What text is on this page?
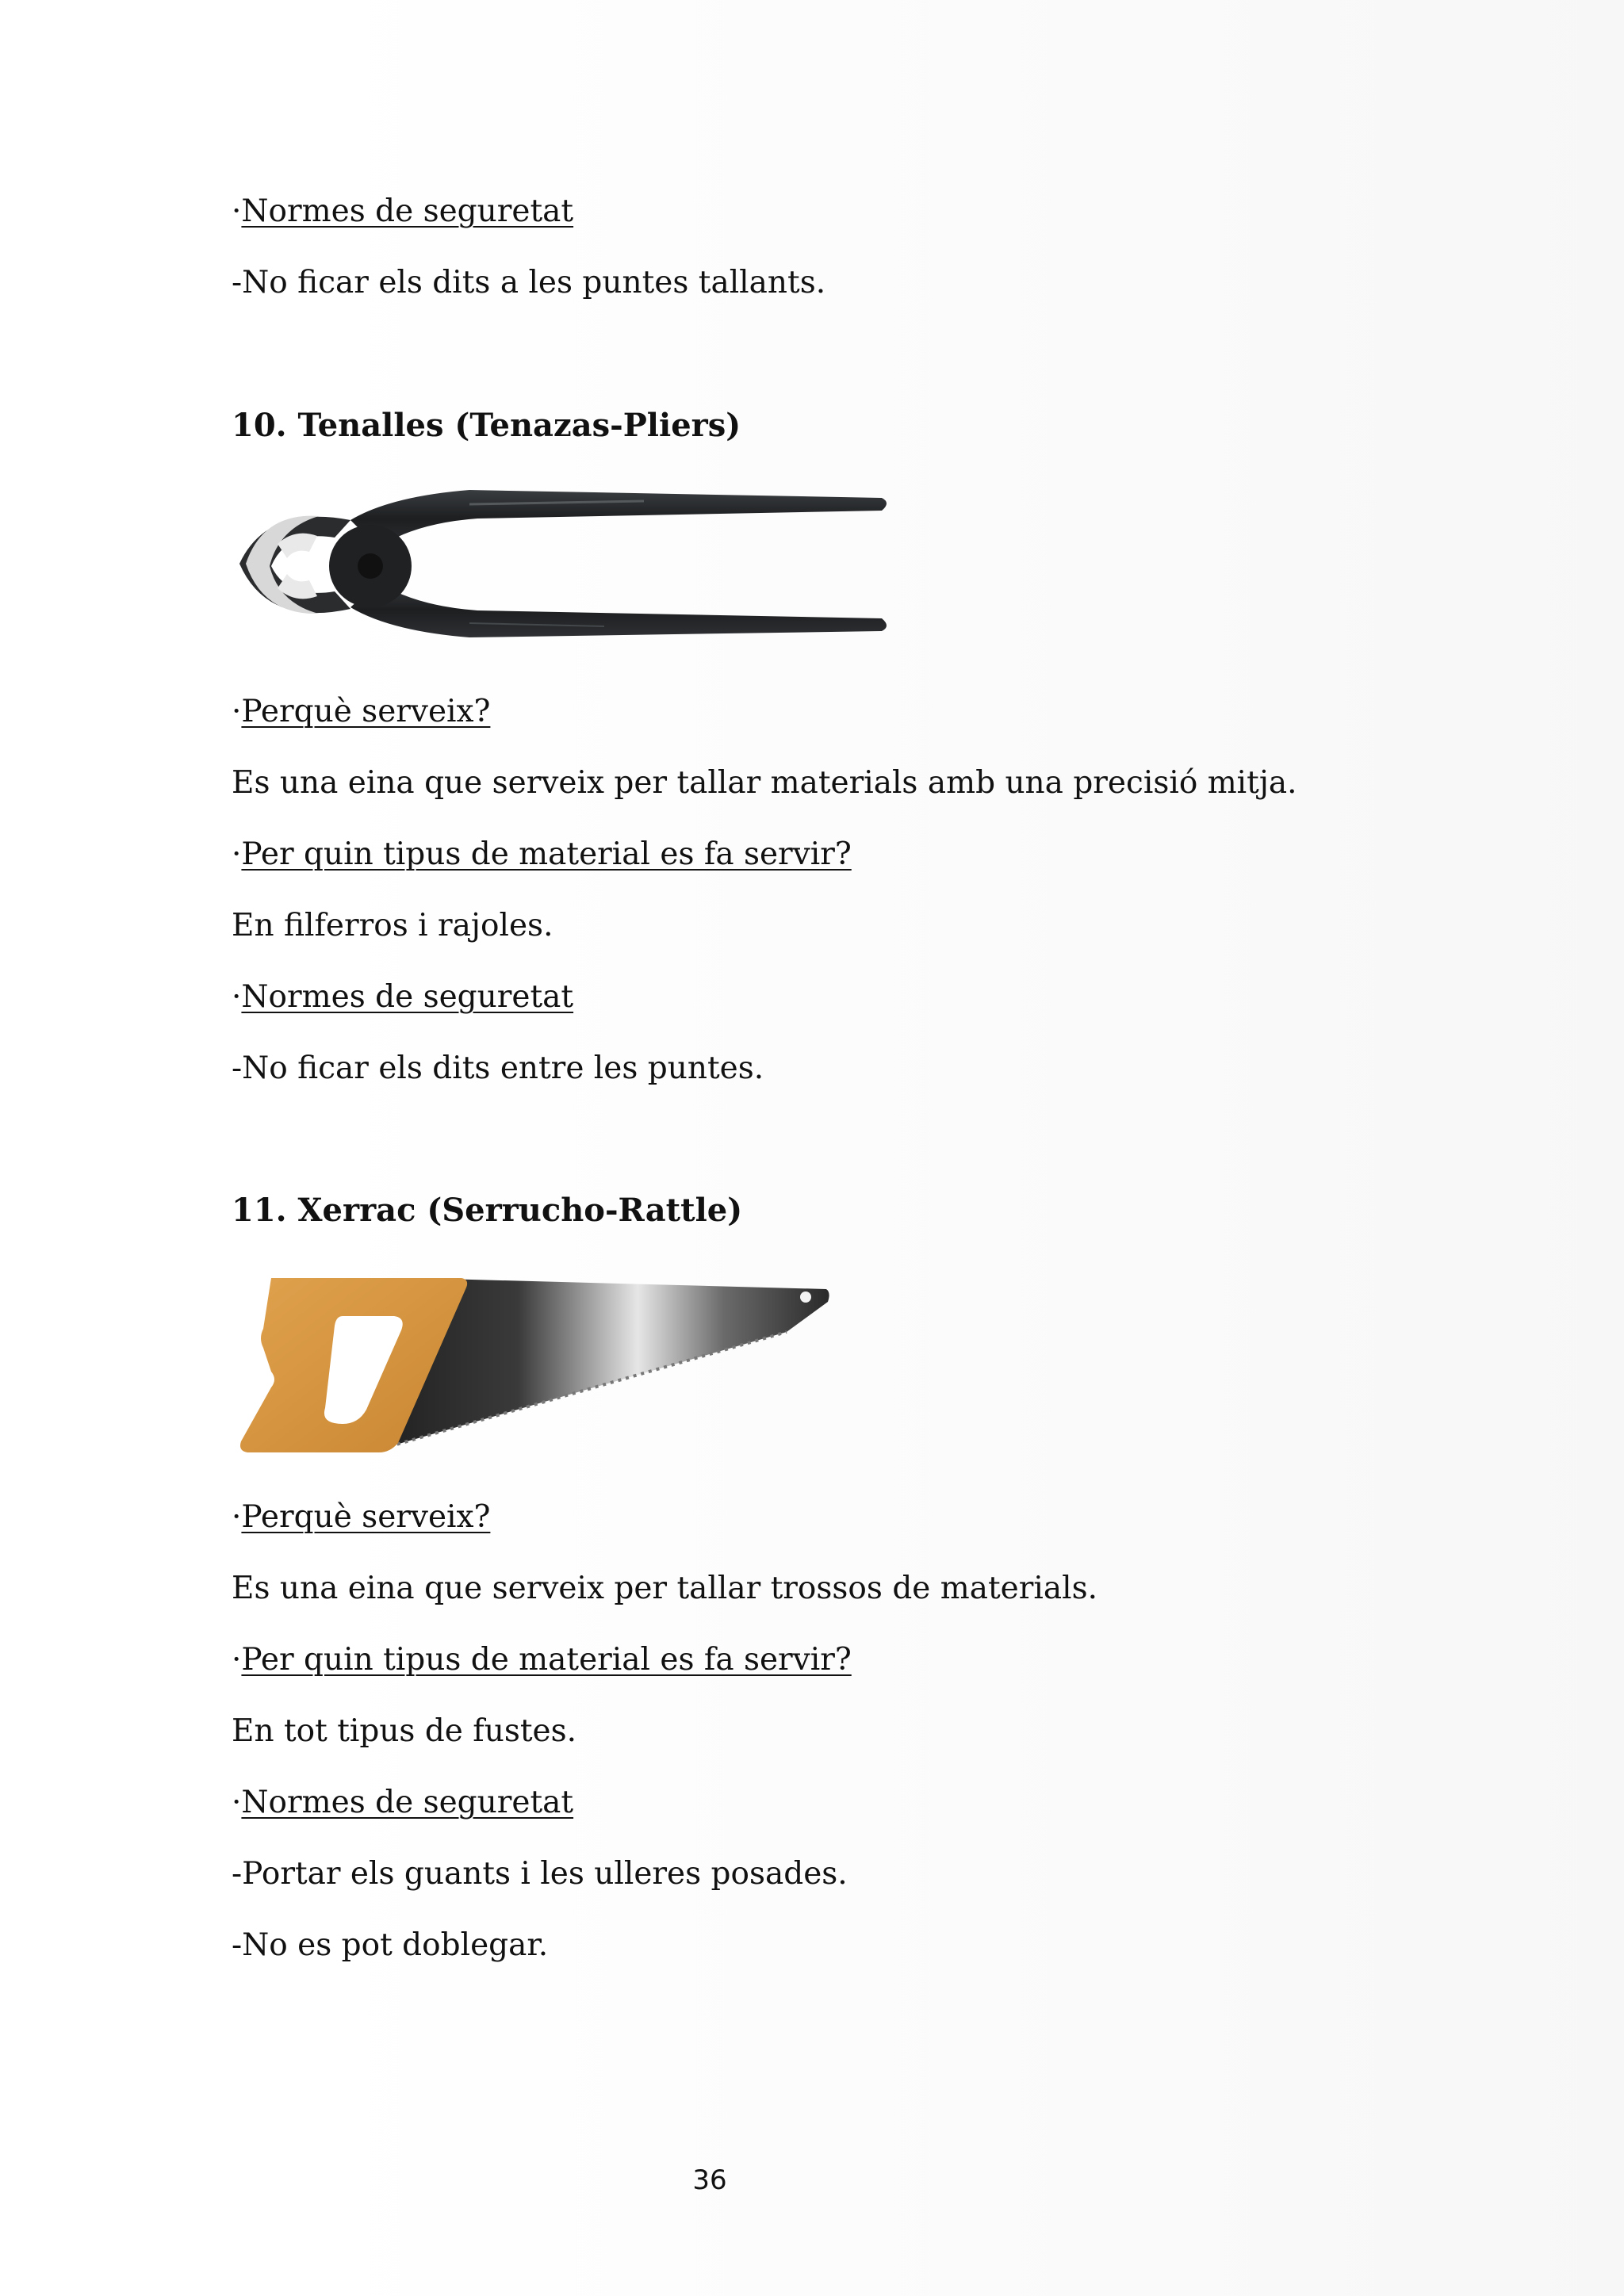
·Normes de seguretat
-No ficar els dits a les puntes tallants.
10. Tenalles (Tenazas-Pliers)
·Perquè serveix?
Es una eina que serveix per tallar materials amb una precisió mitja.
·Per quin tipus de material es fa servir?
En filferros i rajoles.
·Normes de seguretat
-No ficar els dits entre les puntes.
11. Xerrac (Serrucho-Rattle)
·Perquè serveix?
Es una eina que serveix per tallar trossos de materials.
·Per quin tipus de material es fa servir?
En tot tipus de fustes.
·Normes de seguretat
-Portar els guants i les ulleres posades.
-No es pot doblegar.
36
